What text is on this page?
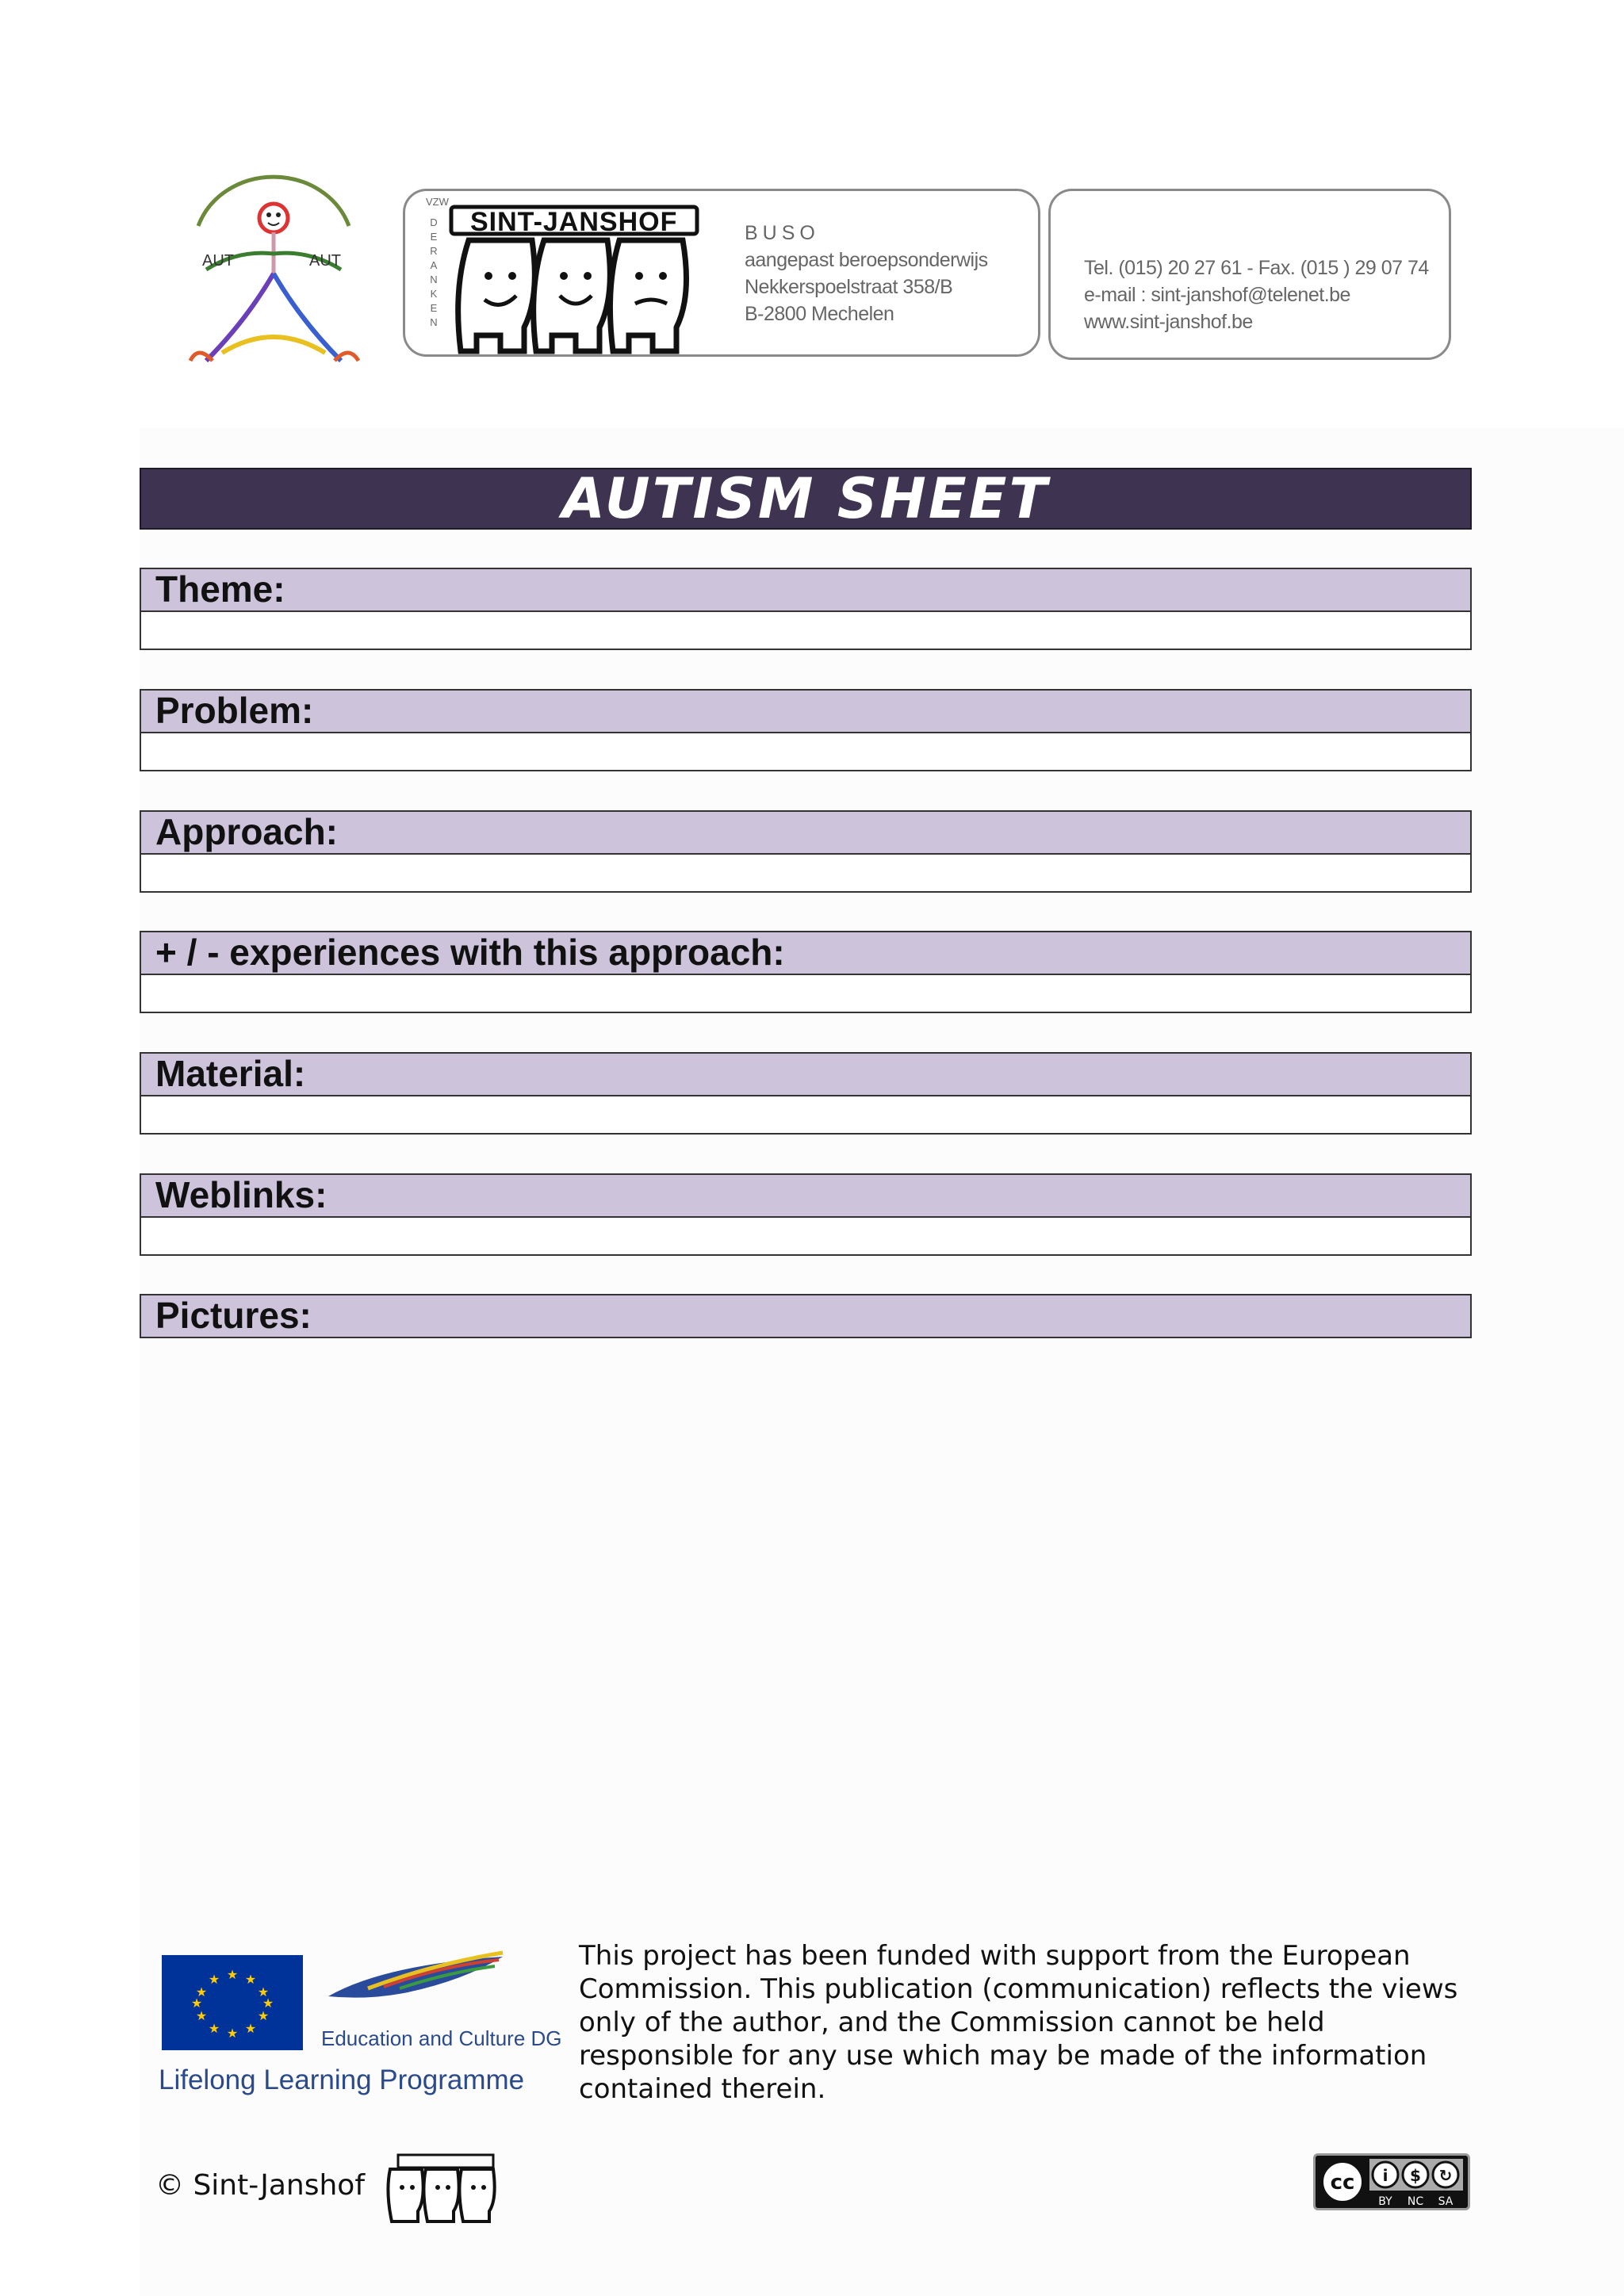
AUT	AUT
VZW
DERANKEN
SINT-JANSHOF	BUSO
aangepast beroepsonderwijs
Nekkerspoelstraat 358/B
B-2800 Mechelen
Tel. (015) 20 27 61 - Fax. (015 ) 29 07 74
e-mail : sint-janshof@telenet.be
www.sint-janshof.be
AUTISM SHEET
Theme:
Problem:
Approach:
+ / - experiences with this approach:
Material:
Weblinks:
Pictures:
★ ★
★
★
★
★
★
★
★
★
★
★
Education and Culture DG
Lifelong Learning Programme

This project has been funded with support from the European Commission. This publication (communication) reflects the views only of the author, and the Commission cannot be held responsible for any use which may be made of the information contained therein.

© Sint-Janshof	cc i $ ↻
BY NC SA
